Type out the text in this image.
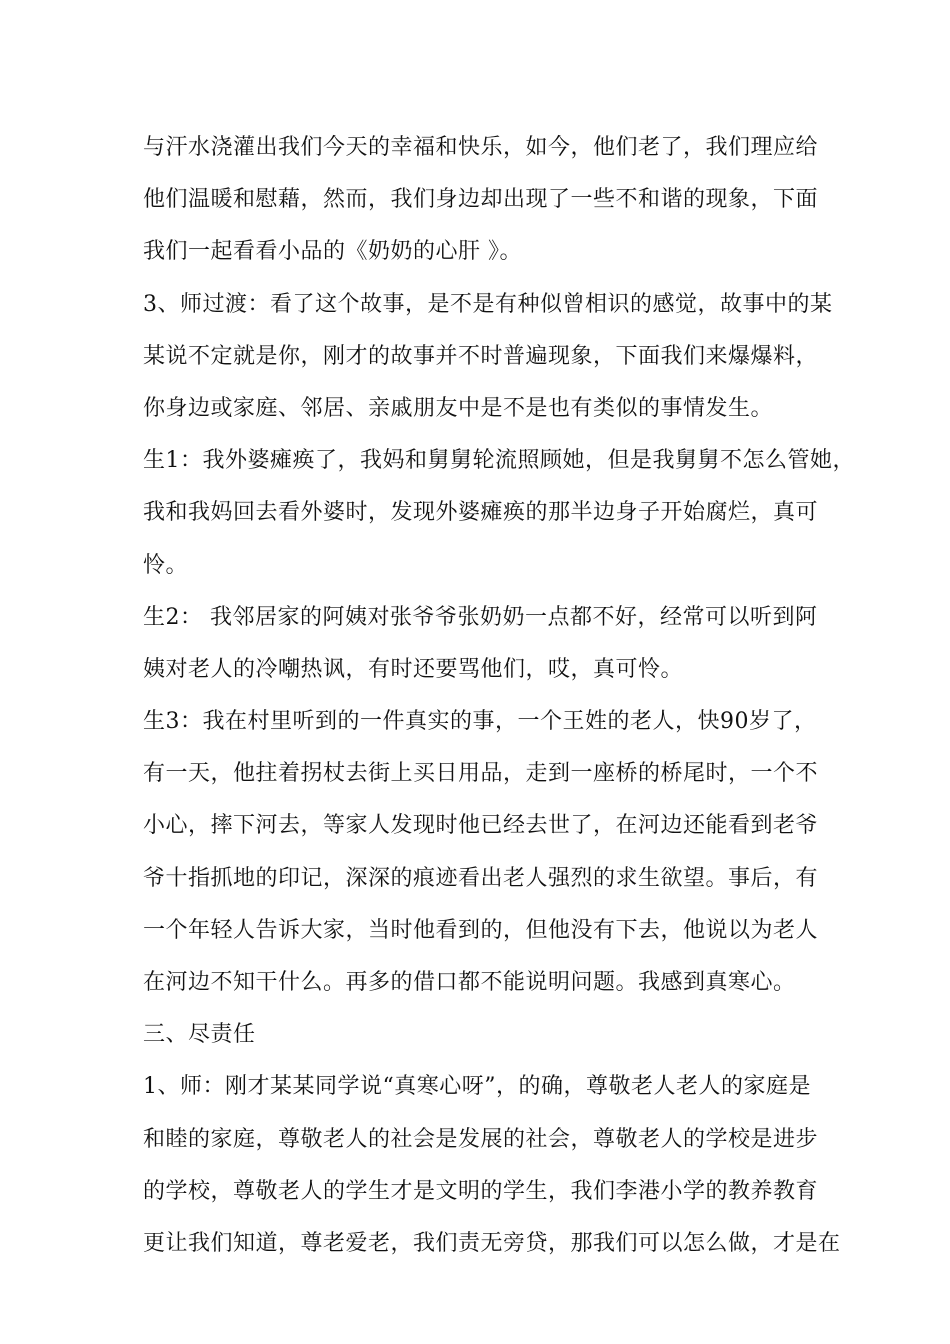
与汗水浇灌出我们今天的幸福和快乐，如今，他们老了，我们理应给
他们温暖和慰藉，然而，我们身边却出现了一些不和谐的现象，下面
我们一起看看小品的《奶奶的心肝 》。
3、师过渡：看了这个故事，是不是有种似曾相识的感觉，故事中的某
某说不定就是你，刚才的故事并不时普遍现象，下面我们来爆爆料，
你身边或家庭、邻居、亲戚朋友中是不是也有类似的事情发生。
生1：我外婆瘫痪了，我妈和舅舅轮流照顾她，但是我舅舅不怎么管她，
我和我妈回去看外婆时，发现外婆瘫痪的那半边身子开始腐烂，真可
怜。
生2： 我邻居家的阿姨对张爷爷张奶奶一点都不好，经常可以听到阿
姨对老人的冷嘲热讽，有时还要骂他们，哎，真可怜。
生3：我在村里听到的一件真实的事，一个王姓的老人，快90岁了，
有一天，他拄着拐杖去街上买日用品，走到一座桥的桥尾时，一个不
小心，摔下河去，等家人发现时他已经去世了，在河边还能看到老爷
爷十指抓地的印记，深深的痕迹看出老人强烈的求生欲望。事后，有
一个年轻人告诉大家，当时他看到的，但他没有下去，他说以为老人
在河边不知干什么。再多的借口都不能说明问题。我感到真寒心。
三、尽责任
1、师：刚才某某同学说“真寒心呀”，的确，尊敬老人老人的家庭是
和睦的家庭，尊敬老人的社会是发展的社会，尊敬老人的学校是进步
的学校，尊敬老人的学生才是文明的学生，我们李港小学的教养教育
更让我们知道，尊老爱老，我们责无旁贷，那我们可以怎么做，才是在
